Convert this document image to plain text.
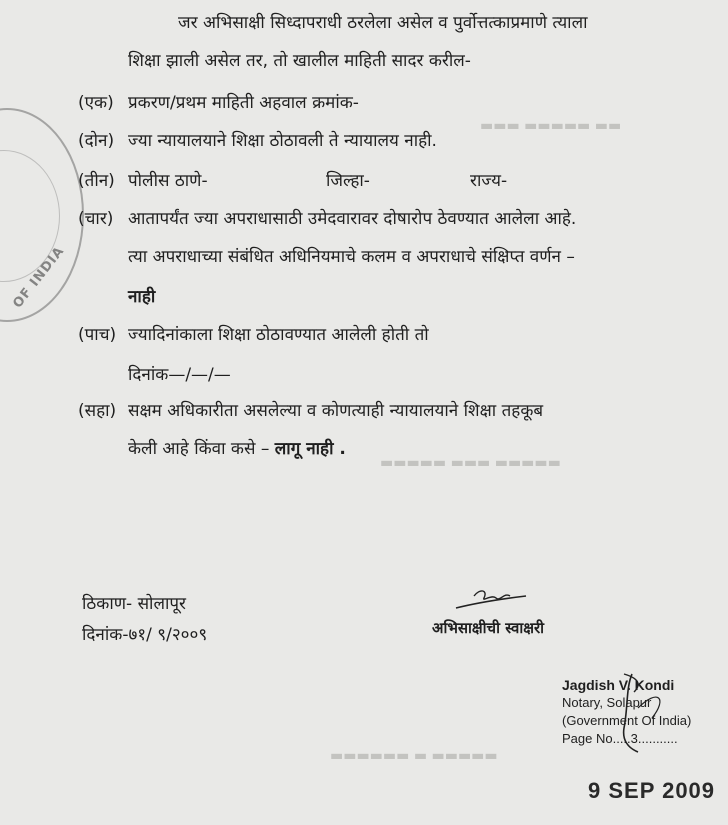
▬▬▬ ▬▬▬▬▬ ▬▬
▬▬▬▬▬ ▬▬▬ ▬▬▬▬▬
▬▬▬▬▬▬ ▬ ▬▬▬▬▬
OF INDIA
जर अभिसाक्षी सिध्दापराधी ठरलेला असेल व पुर्वोत्तत्काप्रमाणे त्याला
शिक्षा झाली असेल तर, तो खालील माहिती सादर करील-
(एक) प्रकरण/प्रथम माहिती अहवाल क्रमांक-
(दोन) ज्या न्यायालयाने शिक्षा ठोठावली ते न्यायालय नाही.
(तीन) पोलीस ठाणे-	जिल्हा-	राज्य-
(चार) आतापर्यंत ज्या अपराधासाठी उमेदवारावर दोषारोप ठेवण्यात आलेला आहे.
त्या अपराधाच्या संबंधित अधिनियमाचे कलम व अपराधाचे संक्षिप्त वर्णन –
नाही
(पाच) ज्यादिनांकाला शिक्षा ठोठावण्यात आलेली होती तो
दिनांक—/—/—
(सहा) सक्षम अधिकारीता असलेल्या व कोणत्याही न्यायालयाने शिक्षा तहकूब
केली आहे किंवा कसे – लागू नाही .
ठिकाण- सोलापूर
दिनांक-७१/ ९/२००९	अभिसाक्षीची स्वाक्षरी
Jagdish V. Kondi
Notary, Solapur
(Government Of India)
Page No.....3...........
9 SEP 2009
